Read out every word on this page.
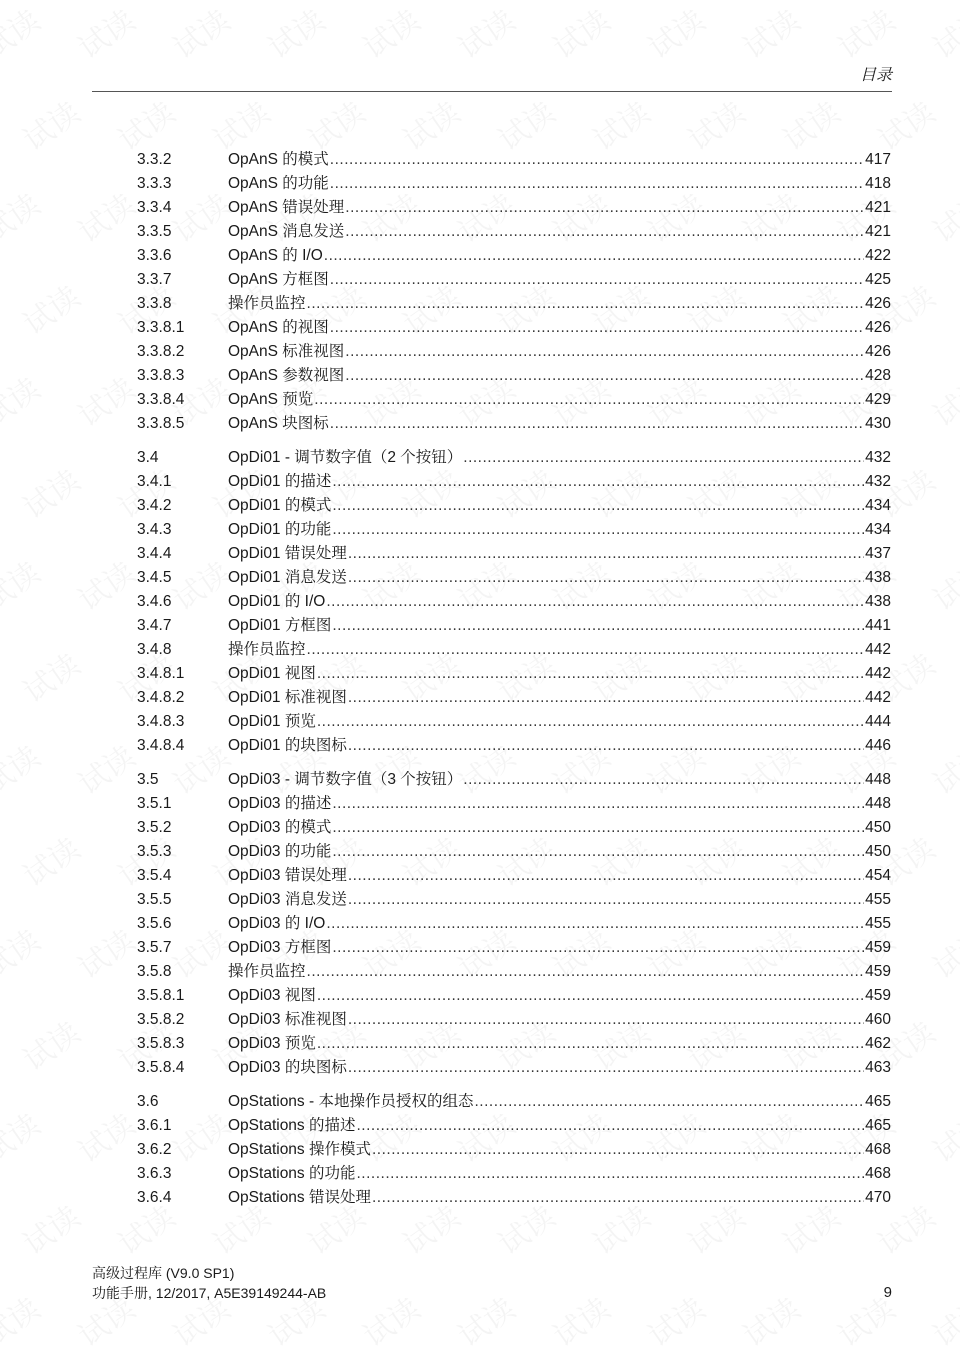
目录
3.3.2	OpAnS 的模式 .....	417
3.3.3	OpAnS 的功能 .....	418
3.3.4	OpAnS 错误处理 .....	421
3.3.5	OpAnS 消息发送 .....	421
3.3.6	OpAnS 的 I/O .....	422
3.3.7	OpAnS 方框图 .....	425
3.3.8	操作员监控 .....	426
3.3.8.1	OpAnS 的视图 .....	426
3.3.8.2	OpAnS 标准视图 .....	426
3.3.8.3	OpAnS 参数视图 .....	428
3.3.8.4	OpAnS 预览 .....	429
3.3.8.5	OpAnS 块图标 .....	430
3.4	OpDi01 - 调节数字值（2 个按钮） .....	432
3.4.1	OpDi01 的描述 .....	432
3.4.2	OpDi01 的模式 .....	434
3.4.3	OpDi01 的功能 .....	434
3.4.4	OpDi01 错误处理 .....	437
3.4.5	OpDi01 消息发送 .....	438
3.4.6	OpDi01 的 I/O .....	438
3.4.7	OpDi01 方框图 .....	441
3.4.8	操作员监控 .....	442
3.4.8.1	OpDi01 视图 .....	442
3.4.8.2	OpDi01 标准视图 .....	442
3.4.8.3	OpDi01 预览 .....	444
3.4.8.4	OpDi01 的块图标 .....	446
3.5	OpDi03 - 调节数字值（3 个按钮） .....	448
3.5.1	OpDi03 的描述 .....	448
3.5.2	OpDi03 的模式 .....	450
3.5.3	OpDi03 的功能 .....	450
3.5.4	OpDi03 错误处理 .....	454
3.5.5	OpDi03 消息发送 .....	455
3.5.6	OpDi03 的 I/O .....	455
3.5.7	OpDi03 方框图 .....	459
3.5.8	操作员监控 .....	459
3.5.8.1	OpDi03 视图 .....	459
3.5.8.2	OpDi03 标准视图 .....	460
3.5.8.3	OpDi03 预览 .....	462
3.5.8.4	OpDi03 的块图标 .....	463
3.6	OpStations - 本地操作员授权的组态 .....	465
3.6.1	OpStations 的描述 .....	465
3.6.2	OpStations 操作模式 .....	468
3.6.3	OpStations 的功能 .....	468
3.6.4	OpStations 错误处理 .....	470
高级过程库 (V9.0 SP1)
功能手册, 12/2017, A5E39149244-AB	9
